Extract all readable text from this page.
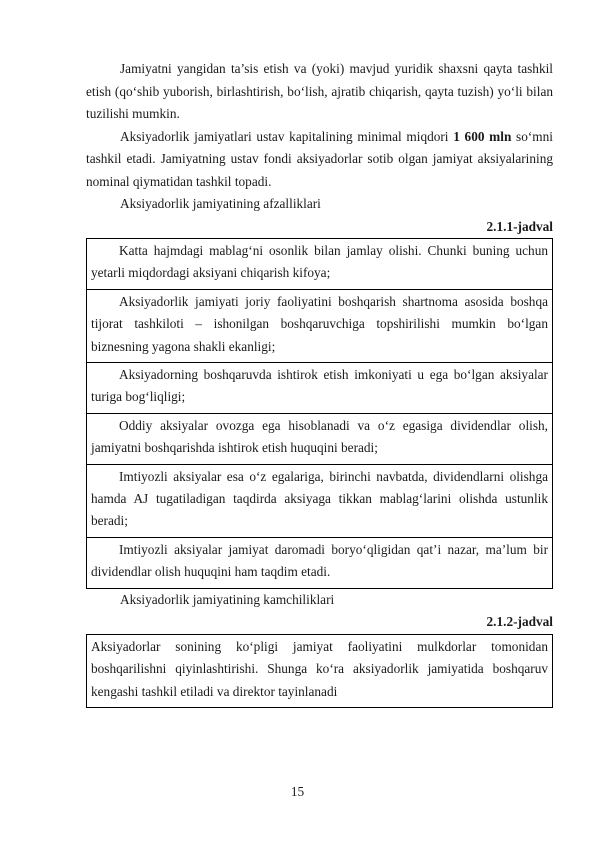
Jamiyatni yangidan ta’sis etish va (yoki) mavjud yuridik shaxsni qayta tashkil etish (qo‘shib yuborish, birlashtirish, bo‘lish, ajratib chiqarish, qayta tuzish) yo‘li bilan tuzilishi mumkin.

Aksiyadorlik jamiyatlari ustav kapitalining minimal miqdori 1 600 mln so‘mni tashkil etadi. Jamiyatning ustav fondi aksiyadorlar sotib olgan jamiyat aksiyalarining nominal qiymatidan tashkil topadi.

Aksiyadorlik jamiyatining afzalliklari

2.1.1-jadval

Katta hajmdagi mablag‘ni osonlik bilan jamlay olishi. Chunki buning uchun yetarli miqdordagi aksiyani chiqarish kifoya;
Aksiyadorlik jamiyati joriy faoliyatini boshqarish shartnoma asosida boshqa tijorat tashkiloti – ishonilgan boshqaruvchiga topshirilishi mumkin bo‘lgan biznesning yagona shakli ekanligi;
Aksiyadorning boshqaruvda ishtirok etish imkoniyati u ega bo‘lgan aksiyalar turiga bog‘liqligi;
Oddiy aksiyalar ovozga ega hisoblanadi va o‘z egasiga dividendlar olish, jamiyatni boshqarishda ishtirok etish huquqini beradi;
Imtiyozli aksiyalar esa o‘z egalariga, birinchi navbatda, dividendlarni olishga hamda AJ tugatiladigan taqdirda aksiyaga tikkan mablag‘larini olishda ustunlik beradi;
Imtiyozli aksiyalar jamiyat daromadi boryo‘qligidan qat’i nazar, ma’lum bir dividendlar olish huquqini ham taqdim etadi.

Aksiyadorlik jamiyatining kamchiliklari

2.1.2-jadval

Aksiyadorlar sonining ko‘pligi jamiyat faoliyatini mulkdorlar tomonidan boshqarilishni qiyinlashtirishi. Shunga ko‘ra aksiyadorlik jamiyatida boshqaruv kengashi tashkil etiladi va direktor tayinlanadi
15
